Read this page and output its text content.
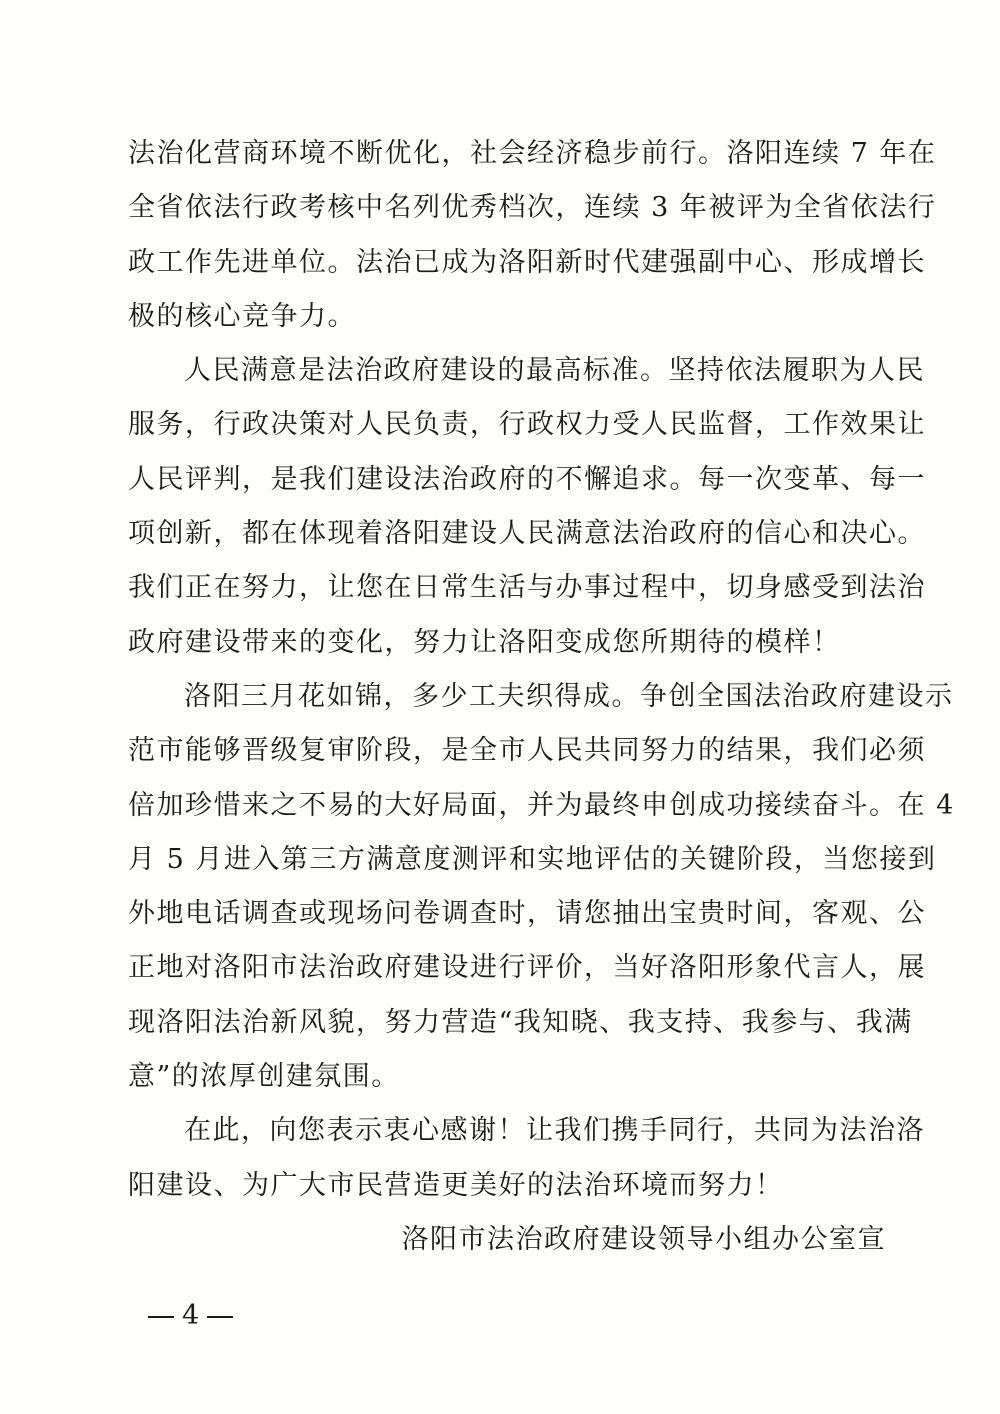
法治化营商环境不断优化，社会经济稳步前行。洛阳连续 7 年在
全省依法行政考核中名列优秀档次，连续 3 年被评为全省依法行
政工作先进单位。法治已成为洛阳新时代建强副中心、形成增长
极的核心竞争力。
人民满意是法治政府建设的最高标准。坚持依法履职为人民
服务，行政决策对人民负责，行政权力受人民监督，工作效果让
人民评判，是我们建设法治政府的不懈追求。每一次变革、每一
项创新，都在体现着洛阳建设人民满意法治政府的信心和决心。
我们正在努力，让您在日常生活与办事过程中，切身感受到法治
政府建设带来的变化，努力让洛阳变成您所期待的模样！
洛阳三月花如锦，多少工夫织得成。争创全国法治政府建设示
范市能够晋级复审阶段，是全市人民共同努力的结果，我们必须
倍加珍惜来之不易的大好局面，并为最终申创成功接续奋斗。在 4
月 5 月进入第三方满意度测评和实地评估的关键阶段，当您接到
外地电话调查或现场问卷调查时，请您抽出宝贵时间，客观、公
正地对洛阳市法治政府建设进行评价，当好洛阳形象代言人，展
现洛阳法治新风貌，努力营造“我知晓、我支持、我参与、我满
意”的浓厚创建氛围。
在此，向您表示衷心感谢！让我们携手同行，共同为法治洛
阳建设、为广大市民营造更美好的法治环境而努力！
洛阳市法治政府建设领导小组办公室宣
4
